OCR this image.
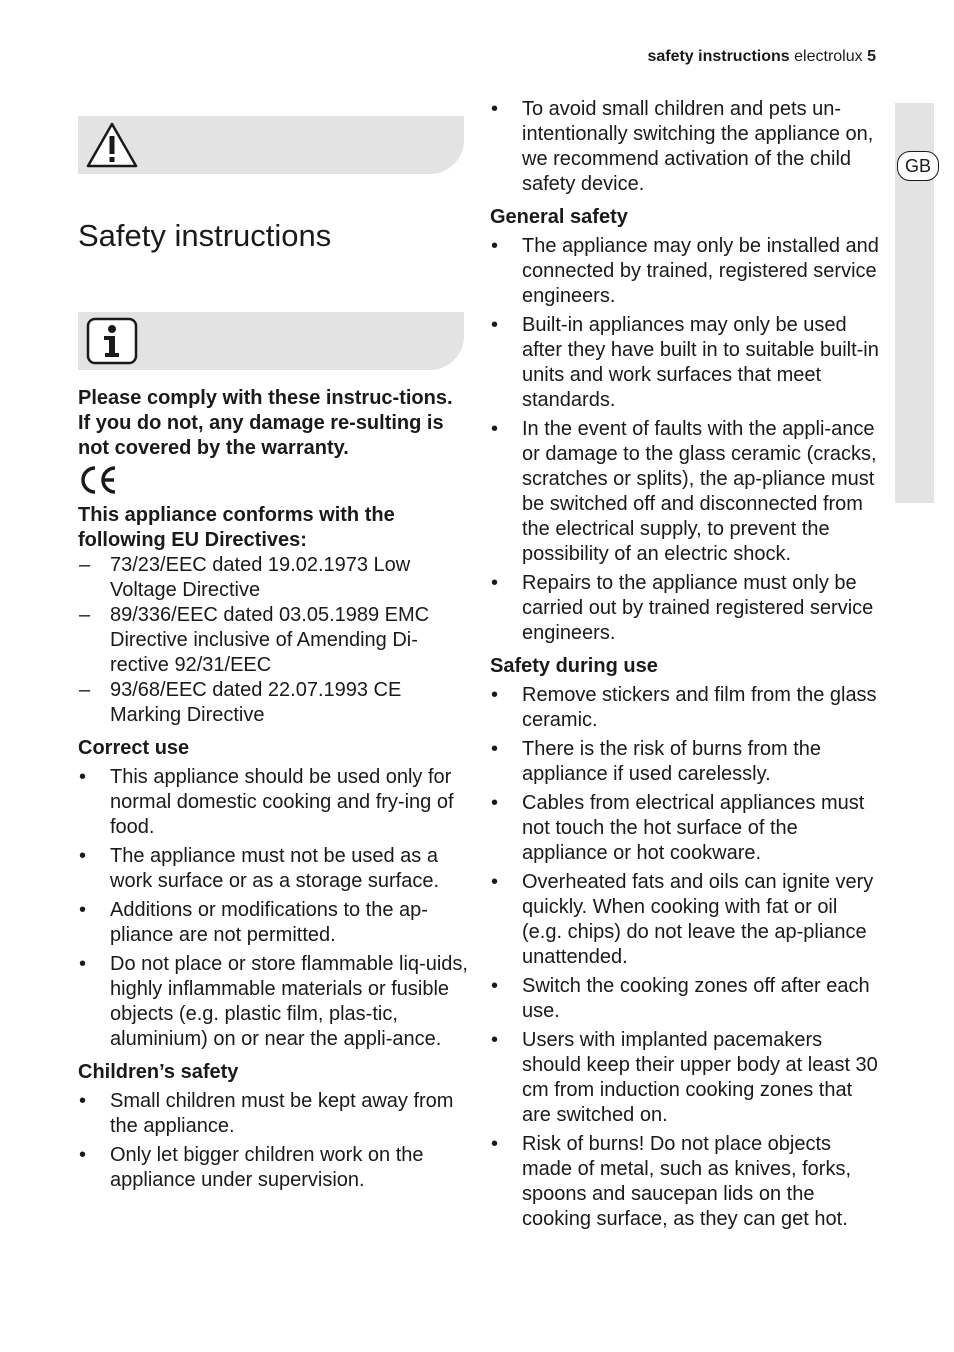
safety instructions electrolux 5
GB
Safety instructions
Please comply with these instruc-tions. If you do not, any damage re-sulting is not covered by the warranty.
This appliance conforms with the following EU Directives:
– 73/23/EEC dated 19.02.1973 Low Voltage Directive
– 89/336/EEC dated 03.05.1989 EMC Directive inclusive of Amending Di-rective 92/31/EEC
– 93/68/EEC dated 22.07.1993 CE Marking Directive
Correct use
• This appliance should be used only for normal domestic cooking and fry-ing of food.
• The appliance must not be used as a work surface or as a storage surface.
• Additions or modifications to the ap-pliance are not permitted.
• Do not place or store flammable liq-uids, highly inflammable materials or fusible objects (e.g. plastic film, plas-tic, aluminium) on or near the appli-ance.
Children’s safety
• Small children must be kept away from the appliance.
• Only let bigger children work on the appliance under supervision.
• To avoid small children and pets un-intentionally switching the appliance on, we recommend activation of the child safety device.
General safety
• The appliance may only be installed and connected by trained, registered service engineers.
• Built-in appliances may only be used after they have built in to suitable built-in units and work surfaces that meet standards.
• In the event of faults with the appli-ance or damage to the glass ceramic (cracks, scratches or splits), the ap-pliance must be switched off and disconnected from the electrical supply, to prevent the possibility of an electric shock.
• Repairs to the appliance must only be carried out by trained registered service engineers.
Safety during use
• Remove stickers and film from the glass ceramic.
• There is the risk of burns from the appliance if used carelessly.
• Cables from electrical appliances must not touch the hot surface of the appliance or hot cookware.
• Overheated fats and oils can ignite very quickly. When cooking with fat or oil (e.g. chips) do not leave the ap-pliance unattended.
• Switch the cooking zones off after each use.
• Users with implanted pacemakers should keep their upper body at least 30 cm from induction cooking zones that are switched on.
• Risk of burns! Do not place objects made of metal, such as knives, forks, spoons and saucepan lids on the cooking surface, as they can get hot.
